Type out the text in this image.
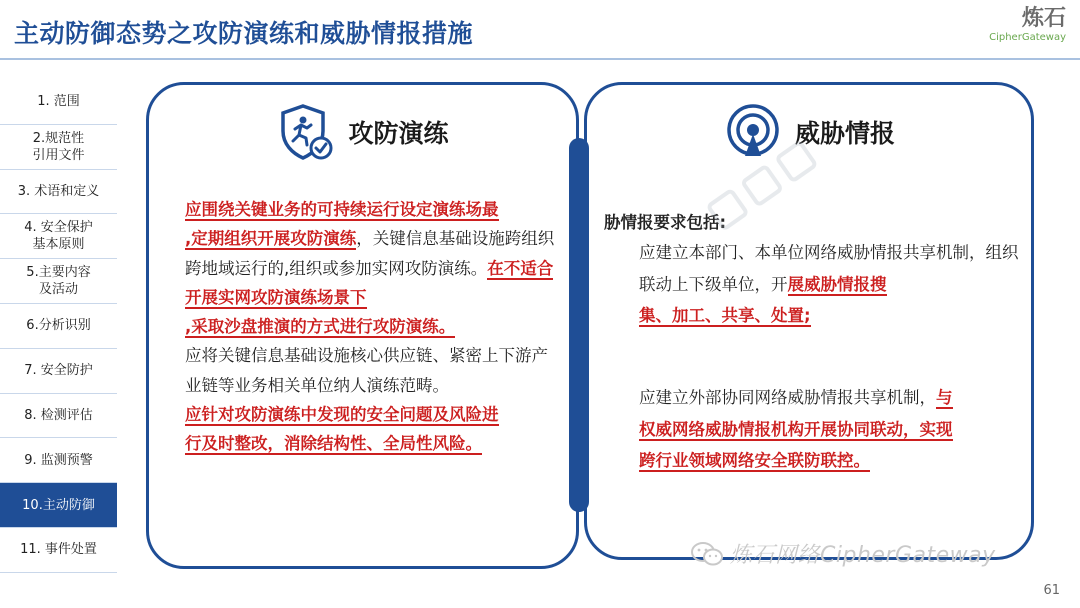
主动防御态势之攻防演练和威胁情报措施
炼石
CipherGateway
1. 范围
2.规范性
引用文件
3. 术语和定义
4. 安全保护
基本原则
5.主要内容
及活动
6.分析识别
7. 安全防护
8. 检测评估
9. 监测预警
10.主动防御
11. 事件处置
攻防演练
应围绕关键业务的可持续运行设定演练场最
,定期组织开展攻防演练，关键信息基础设施跨组织跨地域运行的,组织或参加实网攻防演练。在不适合开展实网攻防演练场景下
,采取沙盘推演的方式进行攻防演练。
应将关键信息基础设施核心供应链、紧密上下游产业链等业务相关单位纳人演练范畴。
应针对攻防演练中发现的安全问题及风险进
行及时整改，消除结构性、全局性风险。
威胁情报
胁情报要求包括:
应建立本部门、本单位网络威胁情报共享机制，组织联动上下级单位，开展威胁情报搜
集、加工、共享、处置;
应建立外部协同网络威胁情报共享机制，与
权威网络威胁情报机构开展协同联动，实现
跨行业领域网络安全联防联控。
炼石网络CipherGateway
61
